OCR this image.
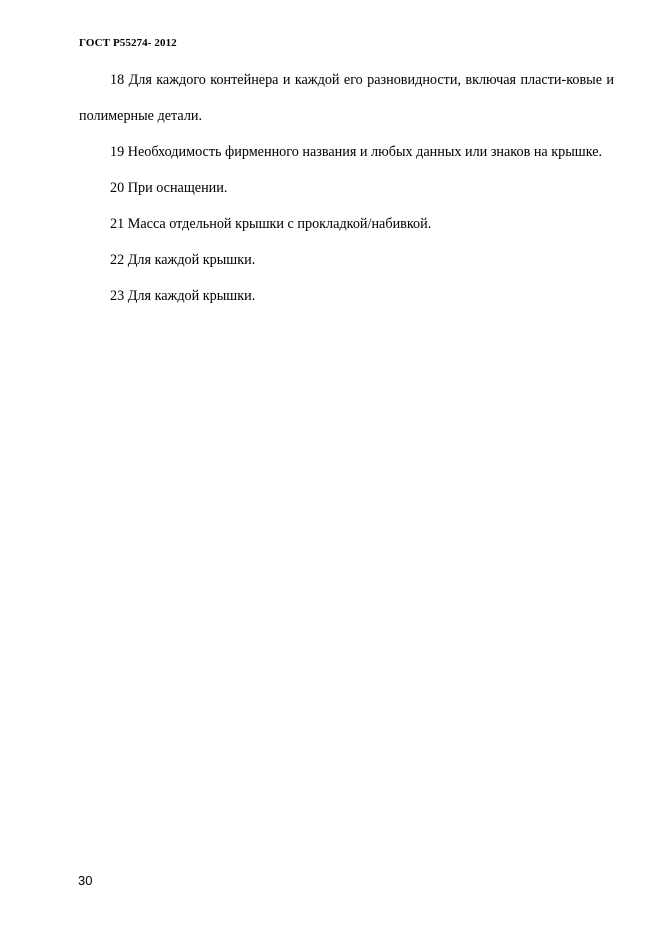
ГОСТ Р55274- 2012

18 Для каждого контейнера и каждой его разновидности, включая пласти-ковые и полимерные детали.

19 Необходимость фирменного названия и любых данных или знаков на крышке.

20 При оснащении.

21 Масса отдельной крышки с прокладкой/набивкой.

22 Для каждой крышки.

23 Для каждой крышки.

30
